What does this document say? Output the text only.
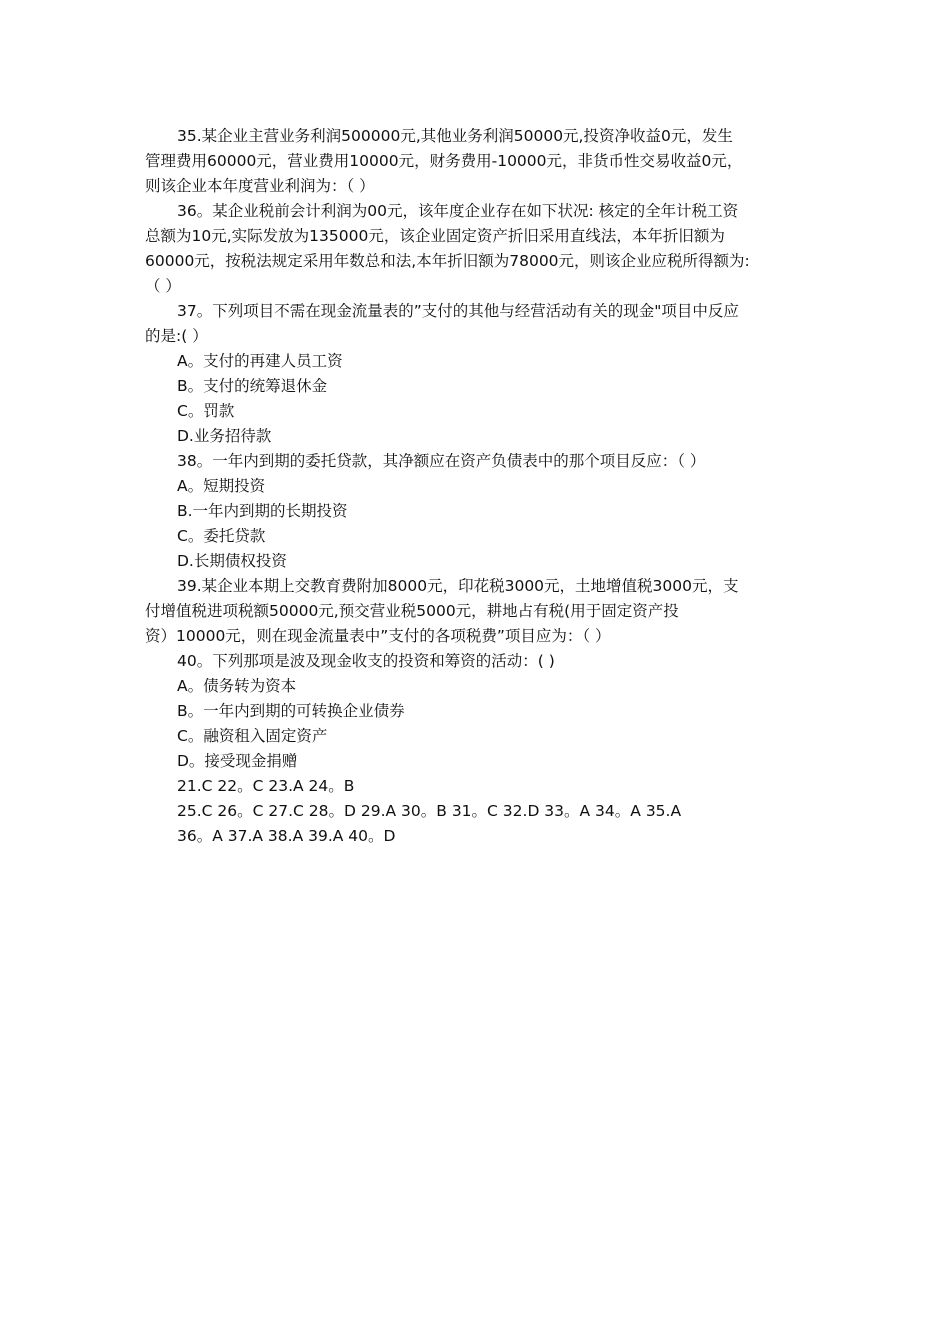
35.某企业主营业务利润500000元,其他业务利润50000元,投资净收益0元，发生
管理费用60000元，营业费用10000元，财务费用-10000元，非货币性交易收益0元，
则该企业本年度营业利润为：（ ）
36。某企业税前会计利润为00元，该年度企业存在如下状况: 核定的全年计税工资
总额为10元,实际发放为135000元，该企业固定资产折旧采用直线法，本年折旧额为
60000元，按税法规定采用年数总和法,本年折旧额为78000元，则该企业应税所得额为:
（ ）
37。下列项目不需在现金流量表的”支付的其他与经营活动有关的现金"项目中反应
的是:( ）
A。支付的再建人员工资
B。支付的统筹退休金
C。罚款
D.业务招待款
38。一年内到期的委托贷款，其净额应在资产负债表中的那个项目反应：（ ）
A。短期投资
B.一年内到期的长期投资
C。委托贷款
D.长期债权投资
39.某企业本期上交教育费附加8000元，印花税3000元，土地增值税3000元，支
付增值税进项税额50000元,预交营业税5000元，耕地占有税(用于固定资产投
资）10000元，则在现金流量表中”支付的各项税费”项目应为：（ ）
40。下列那项是波及现金收支的投资和筹资的活动：( )
A。债务转为资本
B。一年内到期的可转换企业债券
C。融资租入固定资产
D。接受现金捐赠
21.C 22。C 23.A 24。B
25.C 26。C 27.C 28。D 29.A 30。B 31。C 32.D 33。A 34。A 35.A
36。A 37.A 38.A 39.A 40。D
